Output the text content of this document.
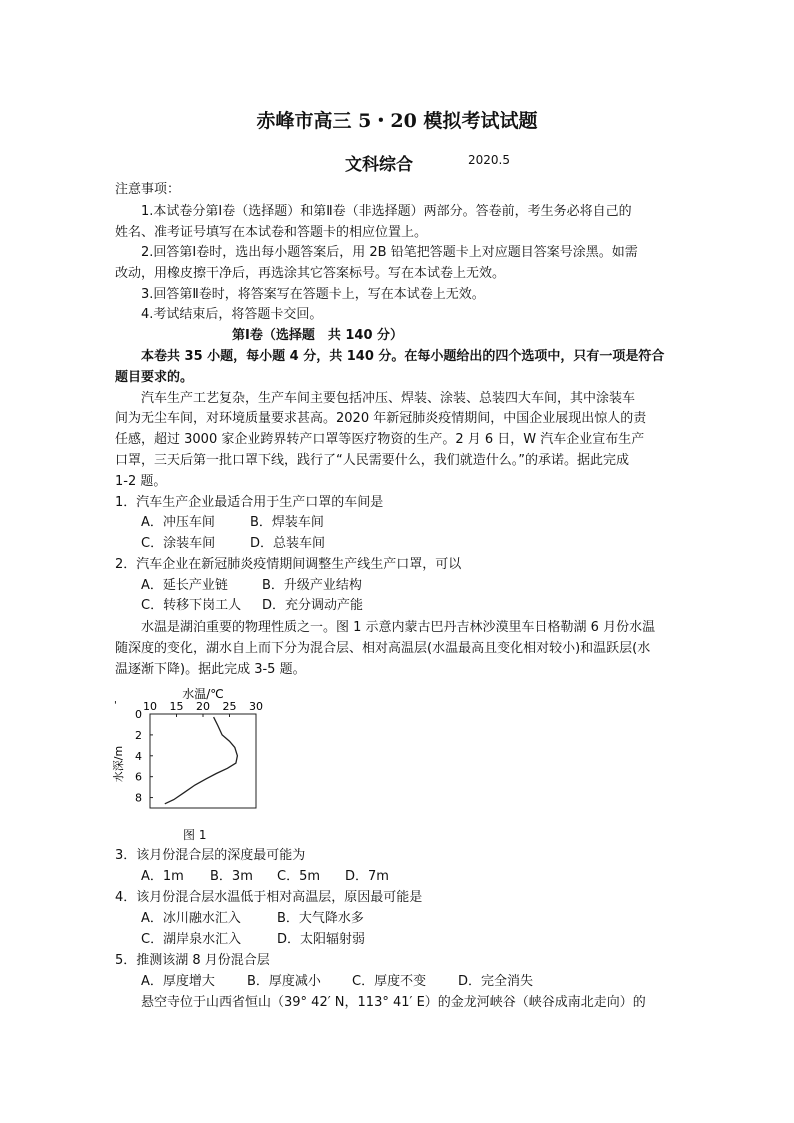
赤峰市高三 5・20 模拟考试试题
文科综合	2020.5
注意事项：
1.本试卷分第Ⅰ卷（选择题）和第Ⅱ卷（非选择题）两部分。答卷前，考生务必将自己的
姓名、准考证号填写在本试卷和答题卡的相应位置上。
2.回答第Ⅰ卷时，选出每小题答案后，用 2B 铅笔把答题卡上对应题目答案号涂黑。如需
改动，用橡皮擦干净后，再选涂其它答案标号。写在本试卷上无效。
3.回答第Ⅱ卷时，将答案写在答题卡上，写在本试卷上无效。
4.考试结束后，将答题卡交回。
第Ⅰ卷（选择题　共 140 分）
本卷共 35 小题，每小题 4 分，共 140 分。在每小题给出的四个选项中，只有一项是符合
题目要求的。
汽车生产工艺复杂，生产车间主要包括冲压、焊装、涂装、总装四大车间，其中涂装车
间为无尘车间，对环境质量要求甚高。2020 年新冠肺炎疫情期间，中国企业展现出惊人的责
任感，超过 3000 家企业跨界转产口罩等医疗物资的生产。2 月 6 日，W 汽车企业宣布生产
口罩，三天后第一批口罩下线，践行了“人民需要什么，我们就造什么。”的承诺。据此完成
1-2 题。
1．汽车生产企业最适合用于生产口罩的车间是
A．冲压车间	B．焊装车间
C．涂装车间	D．总装车间
2．汽车企业在新冠肺炎疫情期间调整生产线生产口罩，可以
A．延长产业链	B．升级产业结构
C．转移下岗工人 D．充分调动产能
水温是湖泊重要的物理性质之一。图 1 示意内蒙古巴丹吉林沙漠里车日格勒湖 6 月份水温
随深度的变化，湖水自上而下分为混合层、相对高温层(水温最高且变化相对较小)和温跃层(水
温逐渐下降)。据此完成 3-5 题。
'
水温/℃
10 15 20 25 30
水深/m
0
2
4
6
8
图 1
3．该月份混合层的深度最可能为
A．1m B．3m C．5m D．7m
4．该月份混合层水温低于相对高温层，原因最可能是
A．冰川融水汇入	B．大气降水多
C．湖岸泉水汇入	D．太阳辐射弱
5．推测该湖 8 月份混合层
A．厚度增大 B．厚度减小 C．厚度不变 D．完全消失
悬空寺位于山西省恒山（39° 42′ N，113° 41′ E）的金龙河峡谷（峡谷成南北走向）的
